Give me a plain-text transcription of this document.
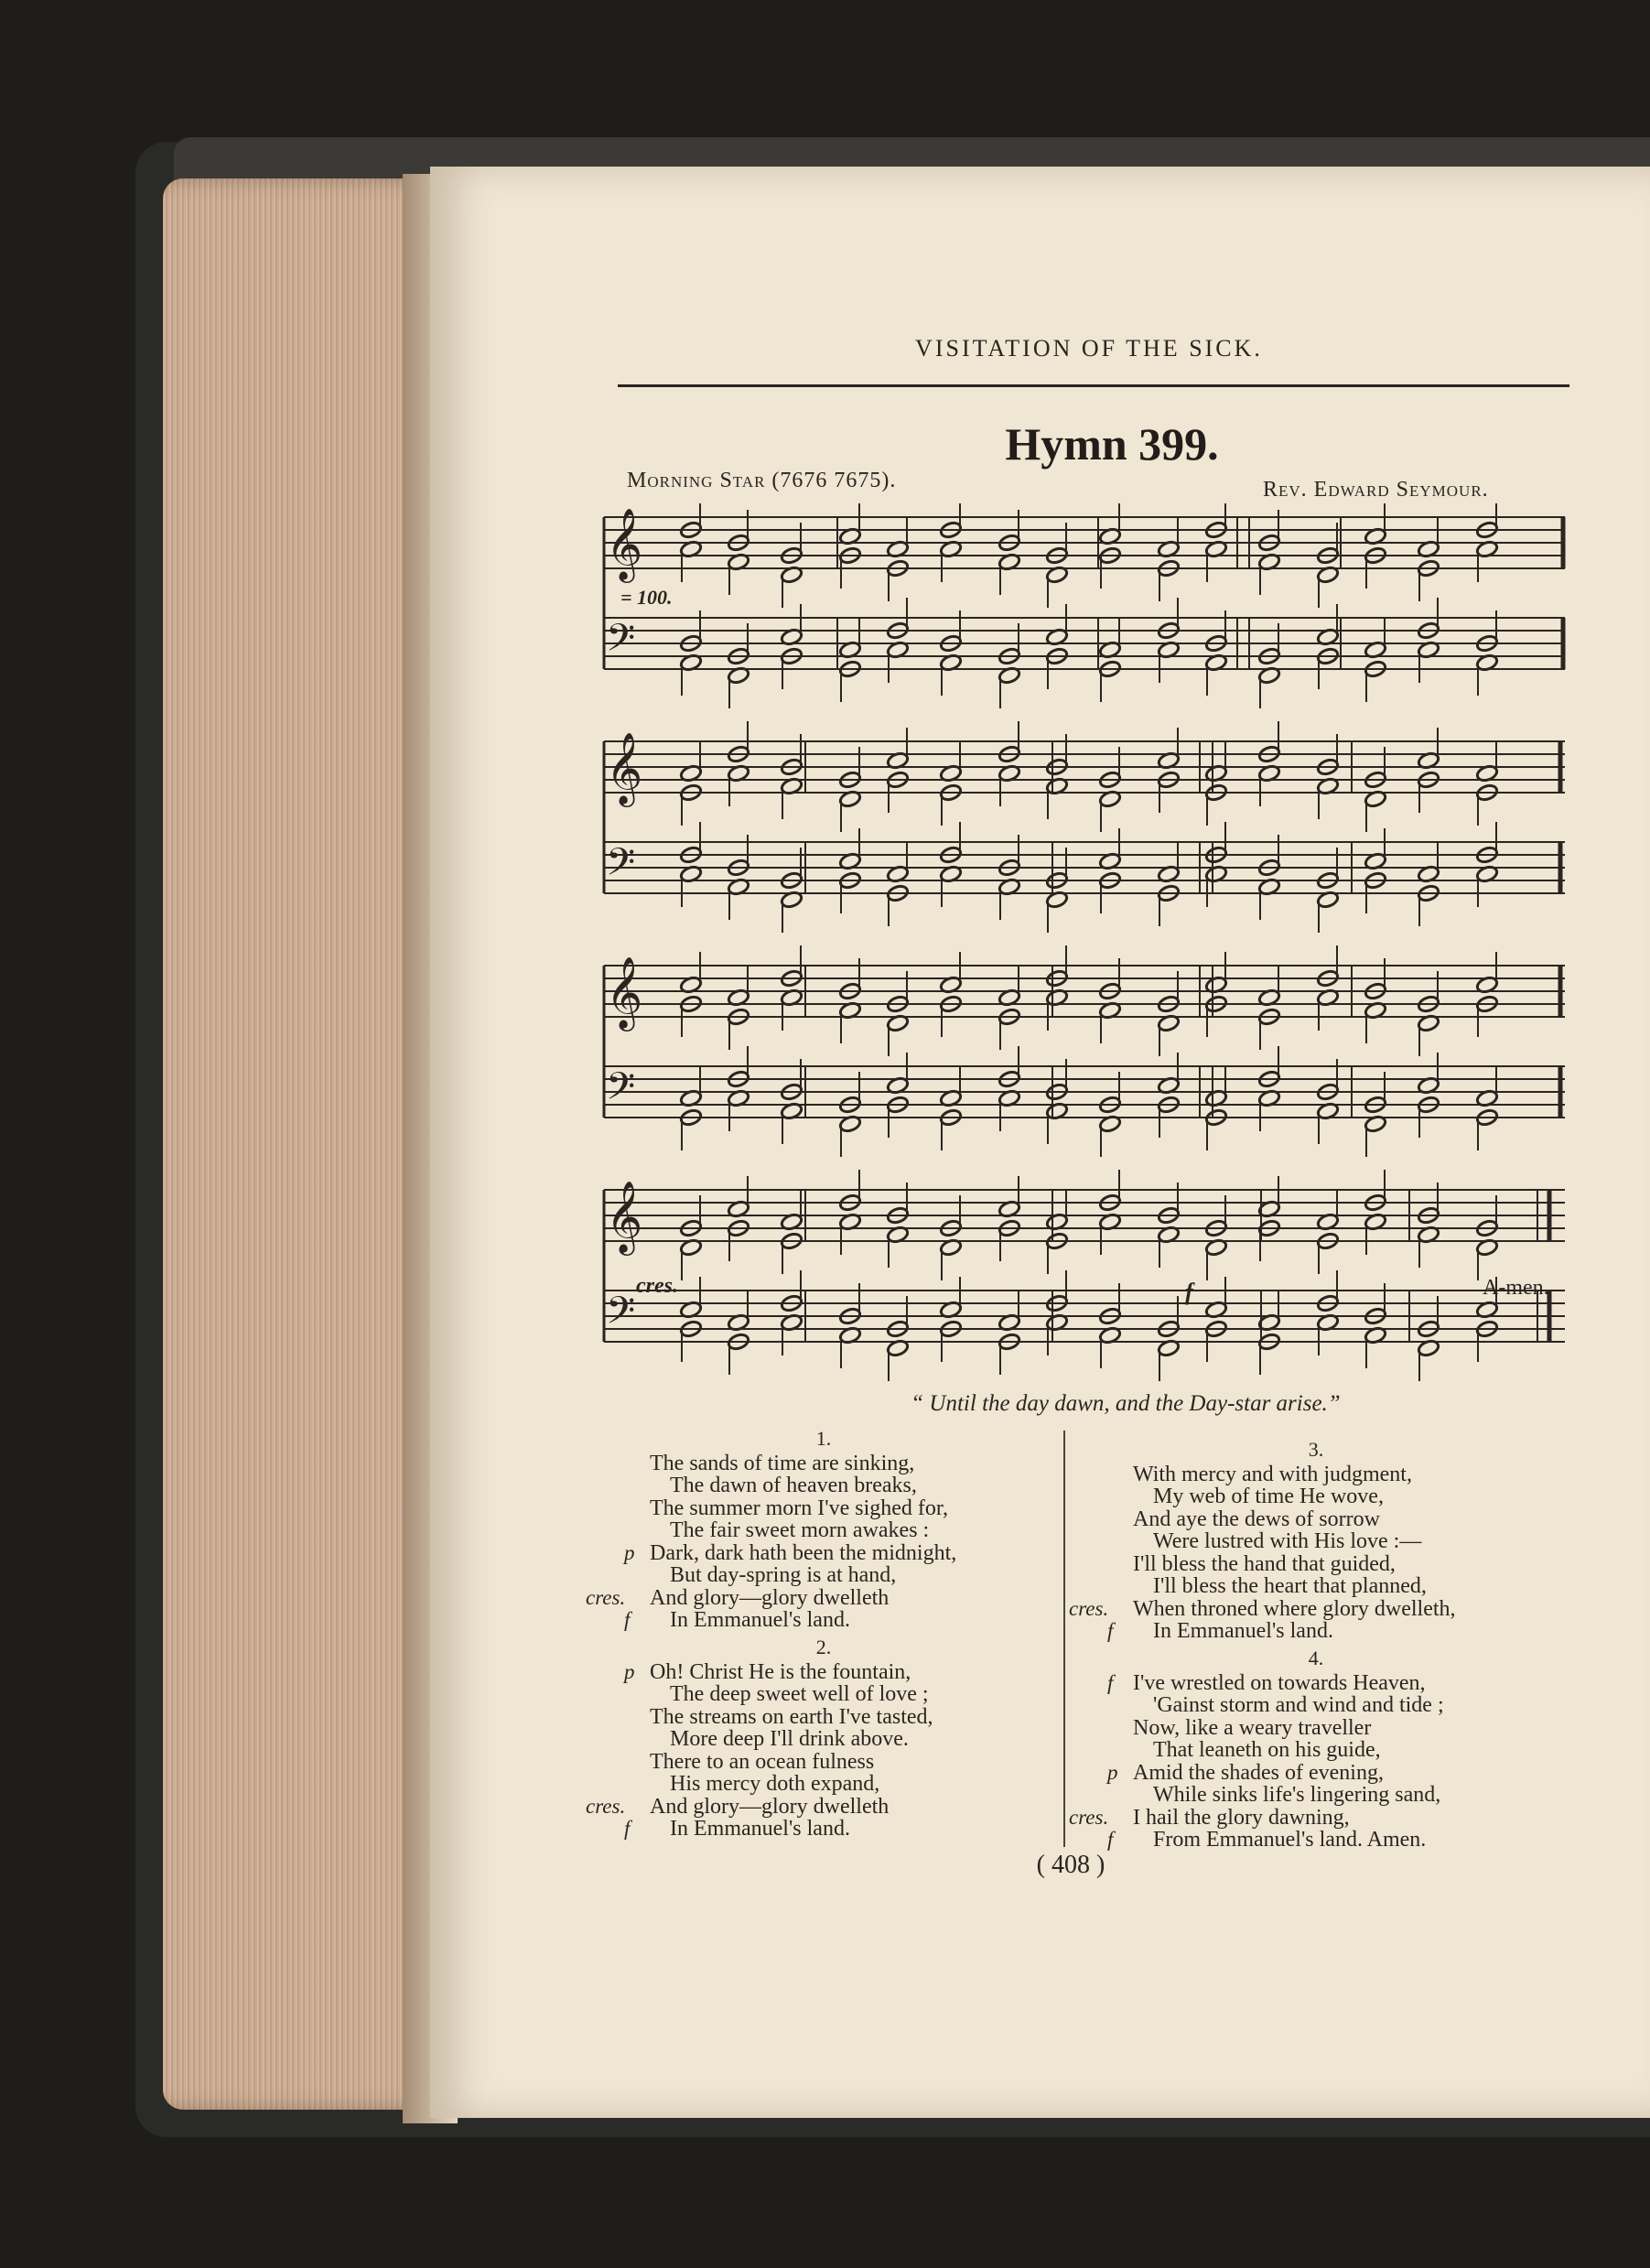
VISITATION OF THE SICK.
Hymn 399.
Morning Star (7676 7675).	Rev. Edward Seymour.
𝄞
𝄢
𝄞
𝄢
𝄞
𝄢
𝄞
𝄢
= 100.
cres.	f	A-men.
“ Until the day dawn, and the Day-star arise.”
1.
The sands of time are sinking,
The dawn of heaven breaks,
The summer morn I've sighed for,
The fair sweet morn awakes :
p Dark, dark hath been the midnight,
But day-spring is at hand,
cres. And glory—glory dwelleth
f In Emmanuel's land.
2.
p Oh! Christ He is the fountain,
The deep sweet well of love ;
The streams on earth I've tasted,
More deep I'll drink above.
There to an ocean fulness
His mercy doth expand,
cres. And glory—glory dwelleth
f In Emmanuel's land.
3.
With mercy and with judgment,
My web of time He wove,
And aye the dews of sorrow
Were lustred with His love :—
I'll bless the hand that guided,
I'll bless the heart that planned,
cres. When throned where glory dwelleth,
f In Emmanuel's land.
4.
f I've wrestled on towards Heaven,
'Gainst storm and wind and tide ;
Now, like a weary traveller
That leaneth on his guide,
p Amid the shades of evening,
While sinks life's lingering sand,
cres. I hail the glory dawning,
f From Emmanuel's land. Amen.
( 408 )
